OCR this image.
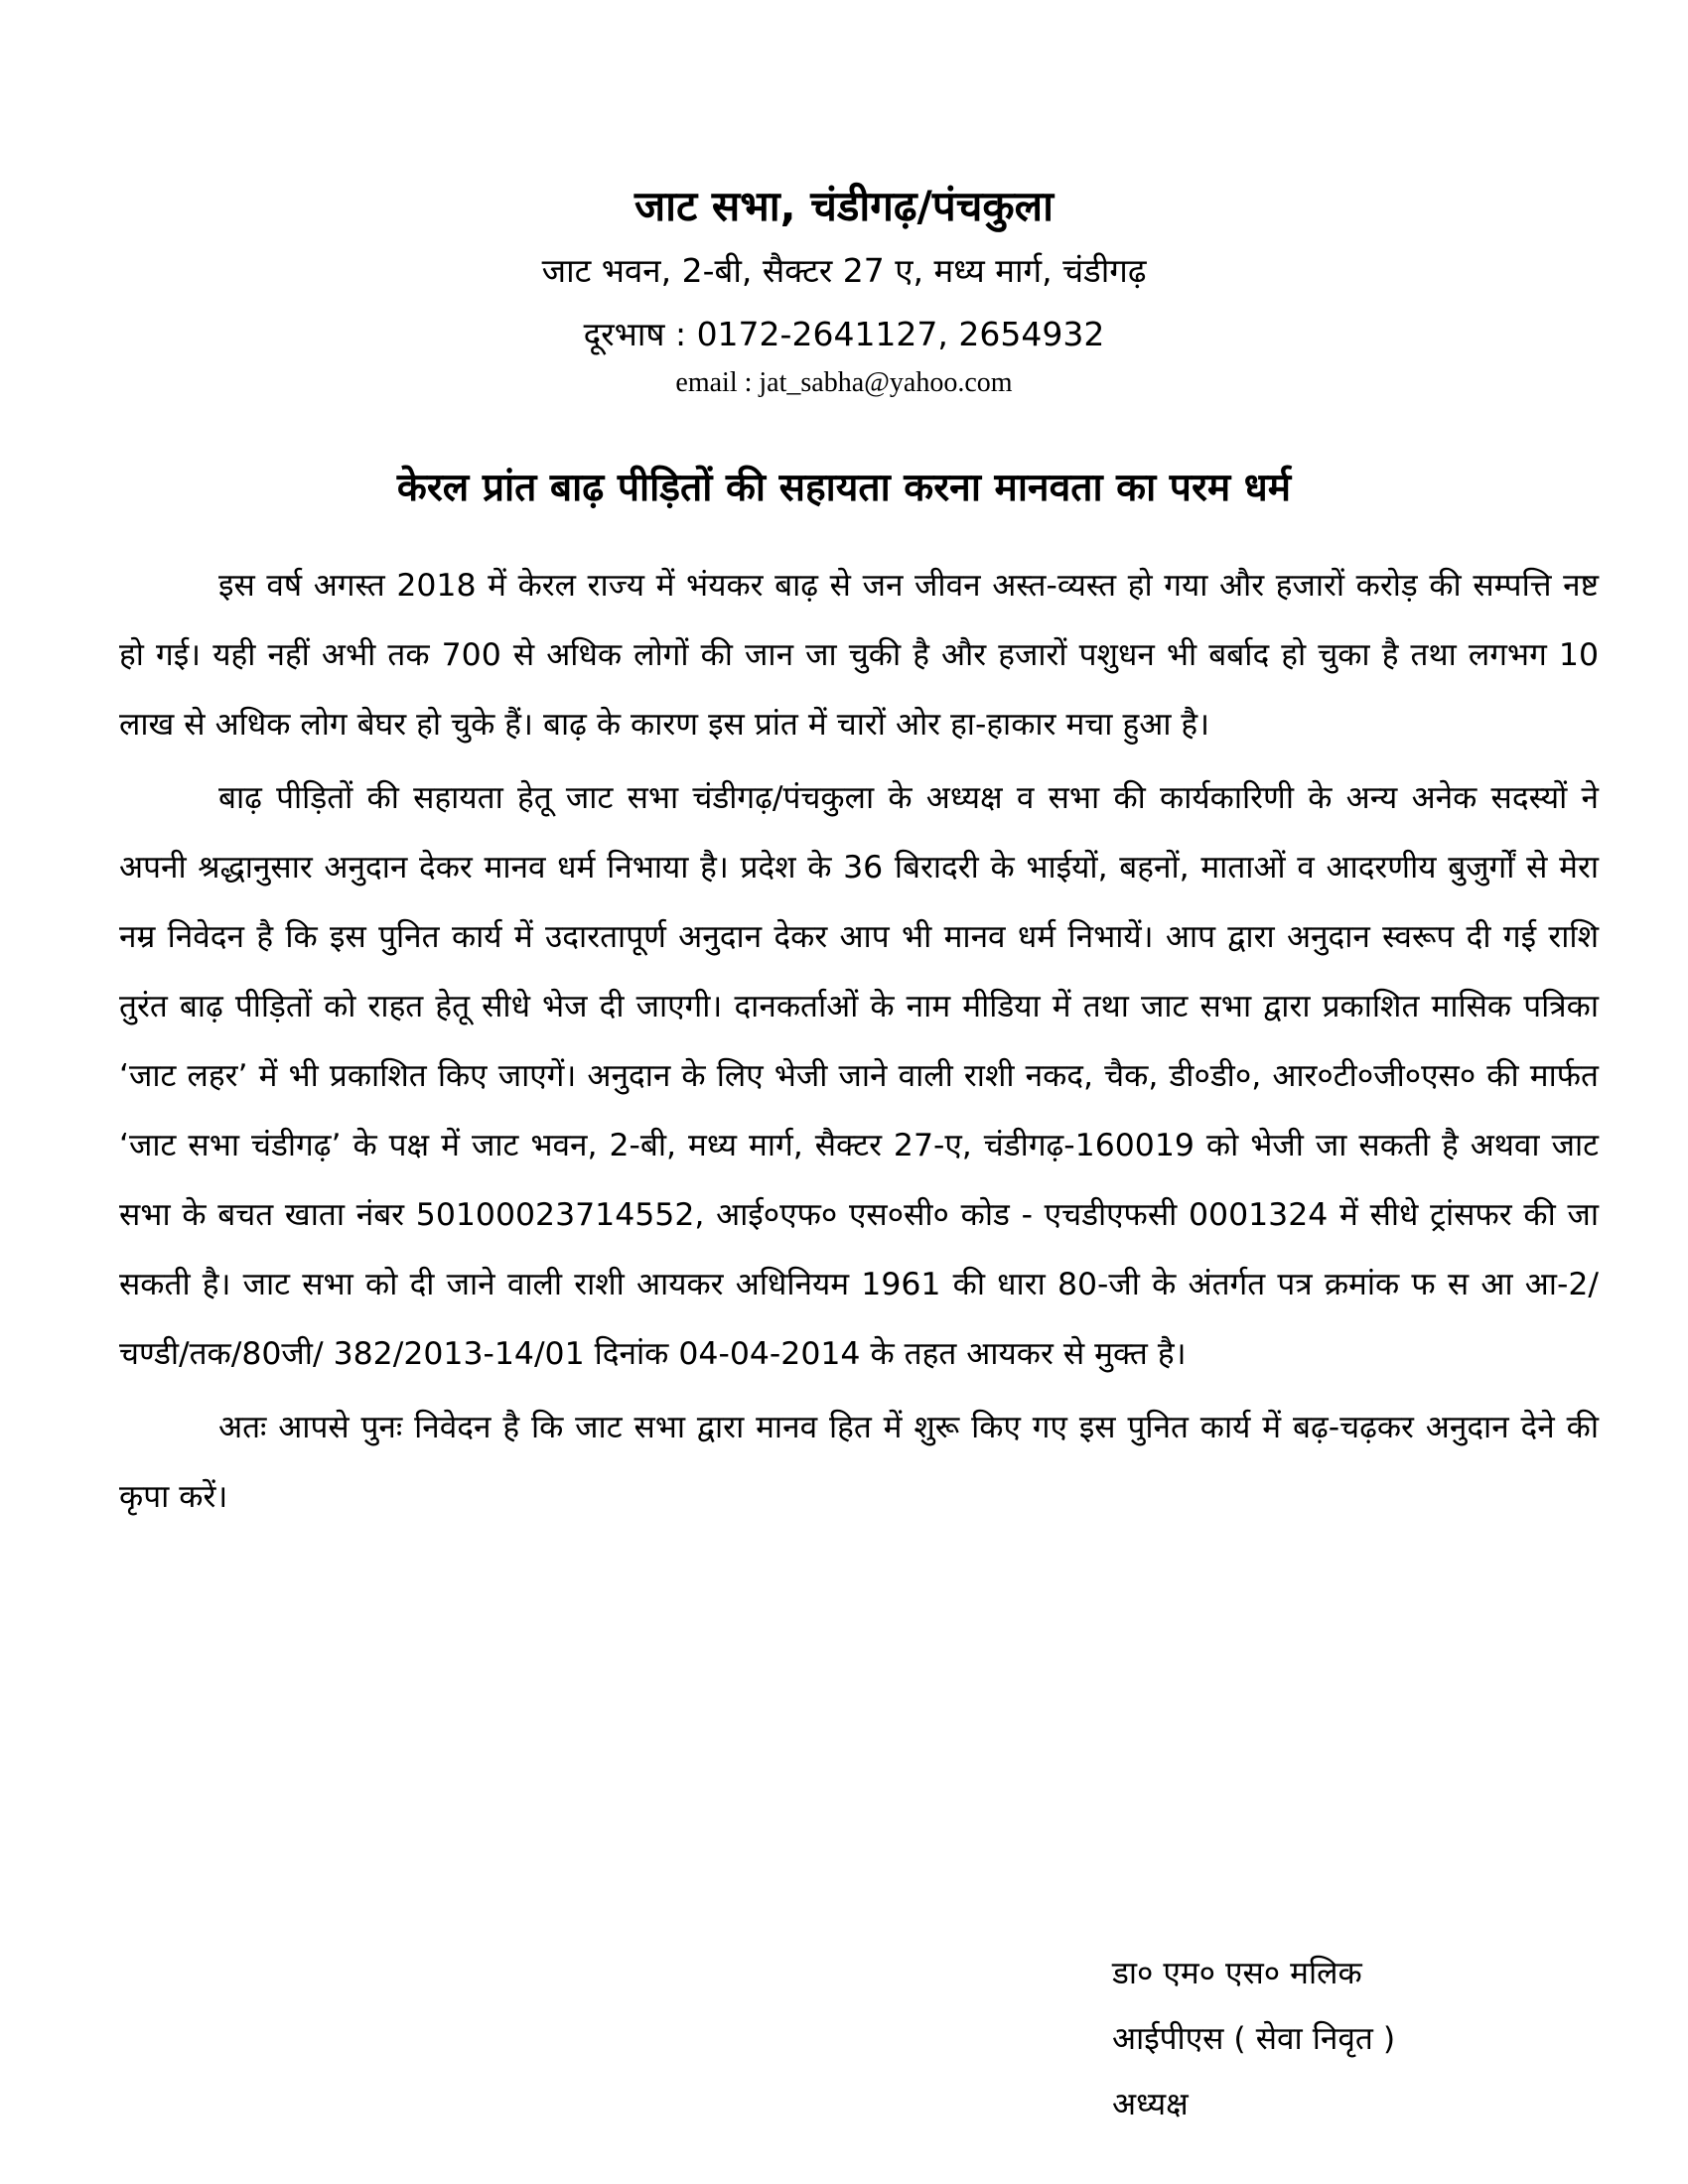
जाट सभा, चंडीगढ़/पंचकुला

जाट भवन, 2-बी, सैक्टर 27 ए, मध्य मार्ग, चंडीगढ़

दूरभाष : 0172-2641127, 2654932

email : jat_sabha@yahoo.com

केरल प्रांत बाढ़ पीड़ितों की सहायता करना मानवता का परम धर्म

इस वर्ष अगस्त 2018 में केरल राज्य में भंयकर बाढ़ से जन जीवन अस्त-व्यस्त हो गया और हजारों करोड़ की सम्पत्ति नष्ट हो गई। यही नहीं अभी तक 700 से अधिक लोगों की जान जा चुकी है और हजारों पशुधन भी बर्बाद हो चुका है तथा लगभग 10 लाख से अधिक लोग बेघर हो चुके हैं। बाढ़ के कारण इस प्रांत में चारों ओर हा-हाकार मचा हुआ है।

बाढ़ पीड़ितों की सहायता हेतू जाट सभा चंडीगढ़/पंचकुला के अध्यक्ष व सभा की कार्यकारिणी के अन्य अनेक सदस्यों ने अपनी श्रद्धानुसार अनुदान देकर मानव धर्म निभाया है। प्रदेश के 36 बिरादरी के भाईयों, बहनों, माताओं व आदरणीय बुजुर्गों से मेरा नम्र निवेदन है कि इस पुनित कार्य में उदारतापूर्ण अनुदान देकर आप भी मानव धर्म निभायें। आप द्वारा अनुदान स्वरूप दी गई राशि तुरंत बाढ़ पीड़ितों को राहत हेतू सीधे भेज दी जाएगी। दानकर्ताओं के नाम मीडिया में तथा जाट सभा द्वारा प्रकाशित मासिक पत्रिका ‘जाट लहर’ में भी प्रकाशित किए जाएगें। अनुदान के लिए भेजी जाने वाली राशी नकद, चैक, डी०डी०, आर०टी०जी०एस० की मार्फत ‘जाट सभा चंडीगढ़’ के पक्ष में जाट भवन, 2-बी, मध्य मार्ग, सैक्टर 27-ए, चंडीगढ़-160019 को भेजी जा सकती है अथवा जाट सभा के बचत खाता नंबर 50100023714552, आई०एफ० एस०सी० कोड - एचडीएफसी 0001324 में सीधे ट्रांसफर की जा सकती है। जाट सभा को दी जाने वाली राशी आयकर अधिनियम 1961 की धारा 80-जी के अंतर्गत पत्र क्रमांक फ स आ आ-2/चण्डी/तक/80जी/ 382/2013-14/01 दिनांक 04-04-2014 के तहत आयकर से मुक्त है।

अतः आपसे पुनः निवेदन है कि जाट सभा द्वारा मानव हित में शुरू किए गए इस पुनित कार्य में बढ़-चढ़कर अनुदान देने की कृपा करें।

डा० एम० एस० मलिक
आईपीएस ( सेवा निवृत )
अध्यक्ष
